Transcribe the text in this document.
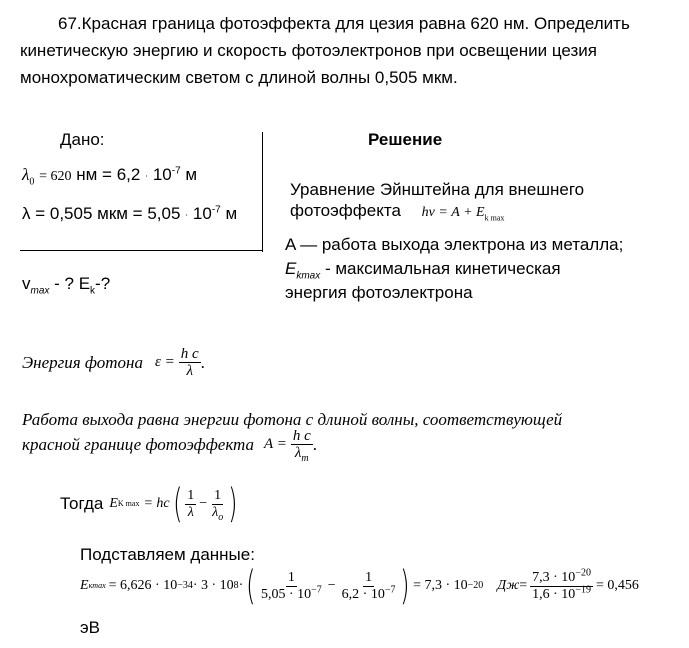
67.Красная граница фотоэффекта для цезия равна 620 нм. Определить
кинетическую энергию и скорость фотоэлектронов при освещении цезия
монохроматическим светом с длиной волны 0,505 мкм.
Дано:
$\lambda_0 = 620$ нм = $6,2 \cdot 10^{-7}$ м
λ = 0,505 мкм = $5,05 \cdot 10^{-7}$ м
$v_{max}$ - ? $E_k-$?
Решение
Уравнение Эйнштейна для внешнего
фотоэффекта $h\nu = A + E_{k max}$
A — работа выхода электрона из металла;
$E_{kmax}$ - максимальная кинетическая
энергия фотоэлектрона
Энергия фотона $\varepsilon = \frac{\text{h c}}{\lambda}$ .
Работа выхода равна энергии фотона с длиной волны, соответствующей
красной границе фотоэффекта $A = \frac{\text{h c}}{\lambda_m}$ .
Тогда E K max = hc ( $\frac{1}{\lambda} - \frac{1}{\lambda_o}$ )
Подставляем данные:
E кmax = 6,626 · 10 −34 · 3 · 10 8 · ( $\frac{1}{5,05 \cdot 10^{-7}} - \frac{1}{6,2 \cdot 10^{-7}}$ ) = 7,3 · 10 −20 Дж = $\frac{7,3 \cdot 10^{-20}}{1,6 \cdot 10^{-19}} = 0,456$
эВ
